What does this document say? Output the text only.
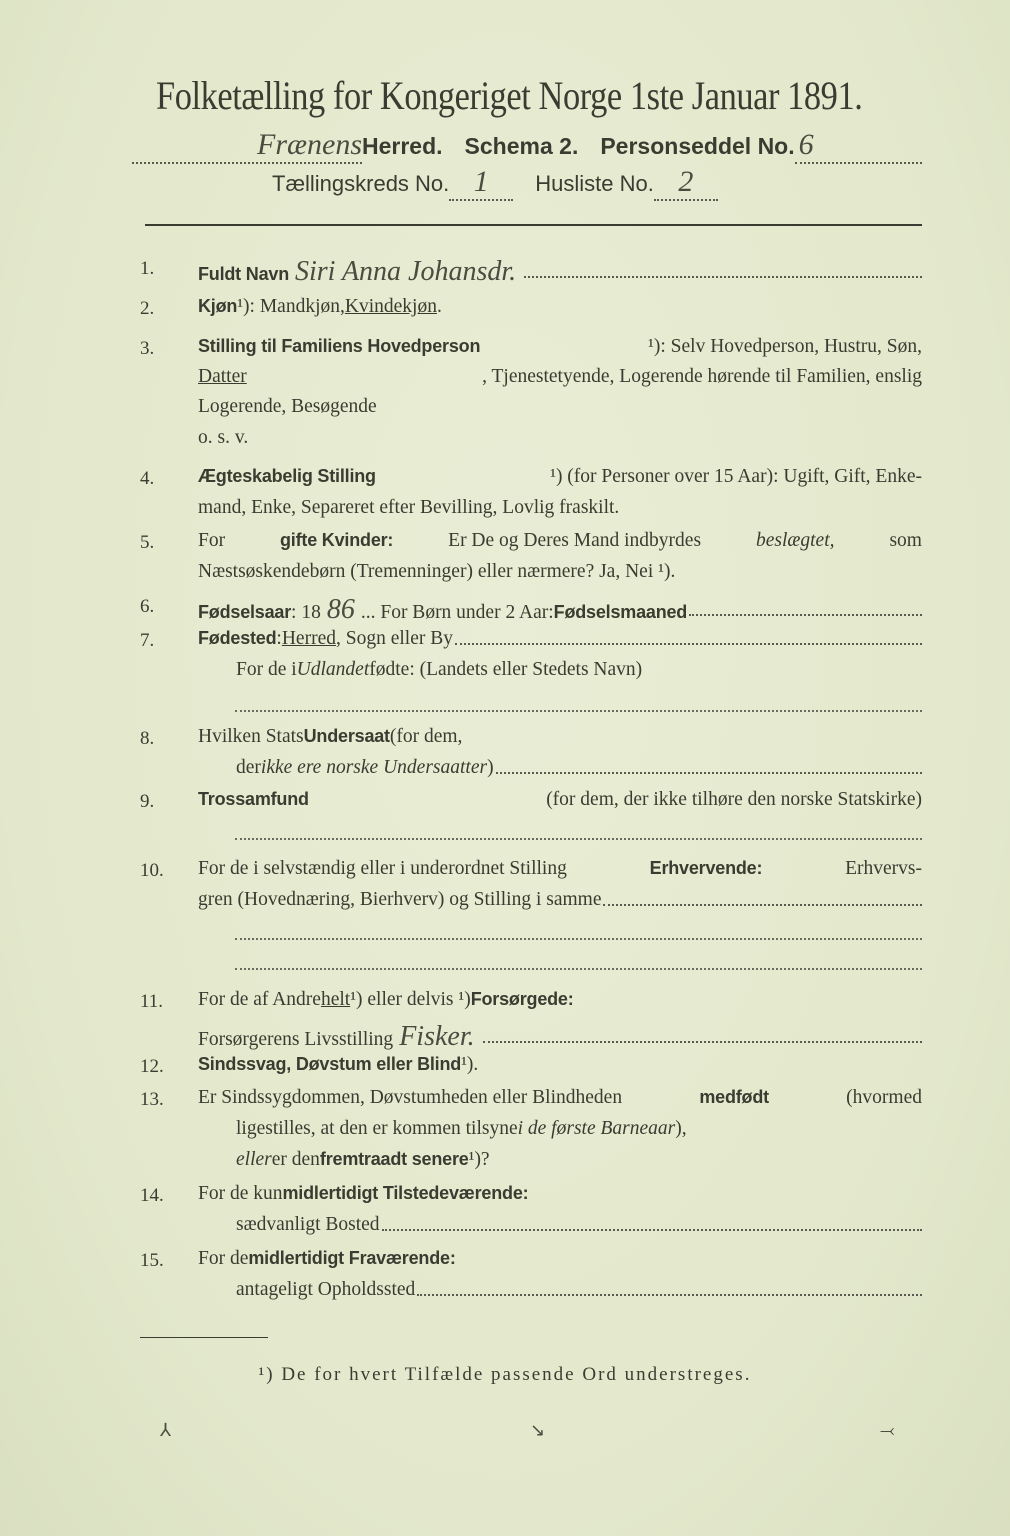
Folketælling for Kongeriget Norge 1ste Januar 1891.
Frænens Herred. Schema 2. Personseddel No. 6
Tællingskreds No. 1	Husliste No. 2
1.	Fuldt Navn Siri Anna Johansdr.
2.	Kjøn ¹): Mandkjøn, Kvindekjøn .
3.	Stilling til Familiens Hovedperson	¹): Selv Hovedperson, Hustru, Søn,
Datter	, Tjenestetyende, Logerende hørende til Familien, enslig
Logerende, Besøgende
o. s. v.
4.	Ægteskabelig Stilling	¹) (for Personer over 15 Aar): Ugift, Gift, Enke-
mand, Enke, Separeret efter Bevilling, Lovlig fraskilt.
5.	For	gifte Kvinder:	Er De og Deres Mand indbyrdes	beslægtet,	som
Næstsøskendebørn (Tremenninger) eller nærmere? Ja, Nei ¹).
6.	Fødselsaar : 18 86 ... For Børn under 2 Aar: Fødselsmaaned
7.	Fødested : Herred , Sogn eller By
For de i Udlandet fødte: (Landets eller Stedets Navn)
8.	Hvilken Stats Undersaat (for dem,
der ikke ere norske Undersaatter )
9.	Trossamfund	(for dem, der ikke tilhøre den norske Statskirke)
10.	For de i selvstændig eller i underordnet Stilling	Erhvervende:	Erhvervs-
gren (Hovednæring, Bierhverv) og Stilling i samme
11.	For de af Andre helt ¹) eller delvis ¹) Forsørgede:
Forsørgerens Livsstilling Fisker.
12.	Sindssvag, Døvstum eller Blind ¹).
13.	Er Sindssygdommen, Døvstumheden eller Blindheden	medfødt	(hvormed
ligestilles, at den er kommen tilsyne i de første Barneaar ),
eller er den fremtraadt senere ¹)?
14.	For de kun midlertidigt Tilstedeværende:
sædvanligt Bosted
15.	For de midlertidigt Fraværende:
antageligt Opholdssted
¹) De for hvert Tilfælde passende Ord understreges.
⅄	↘	⤙
